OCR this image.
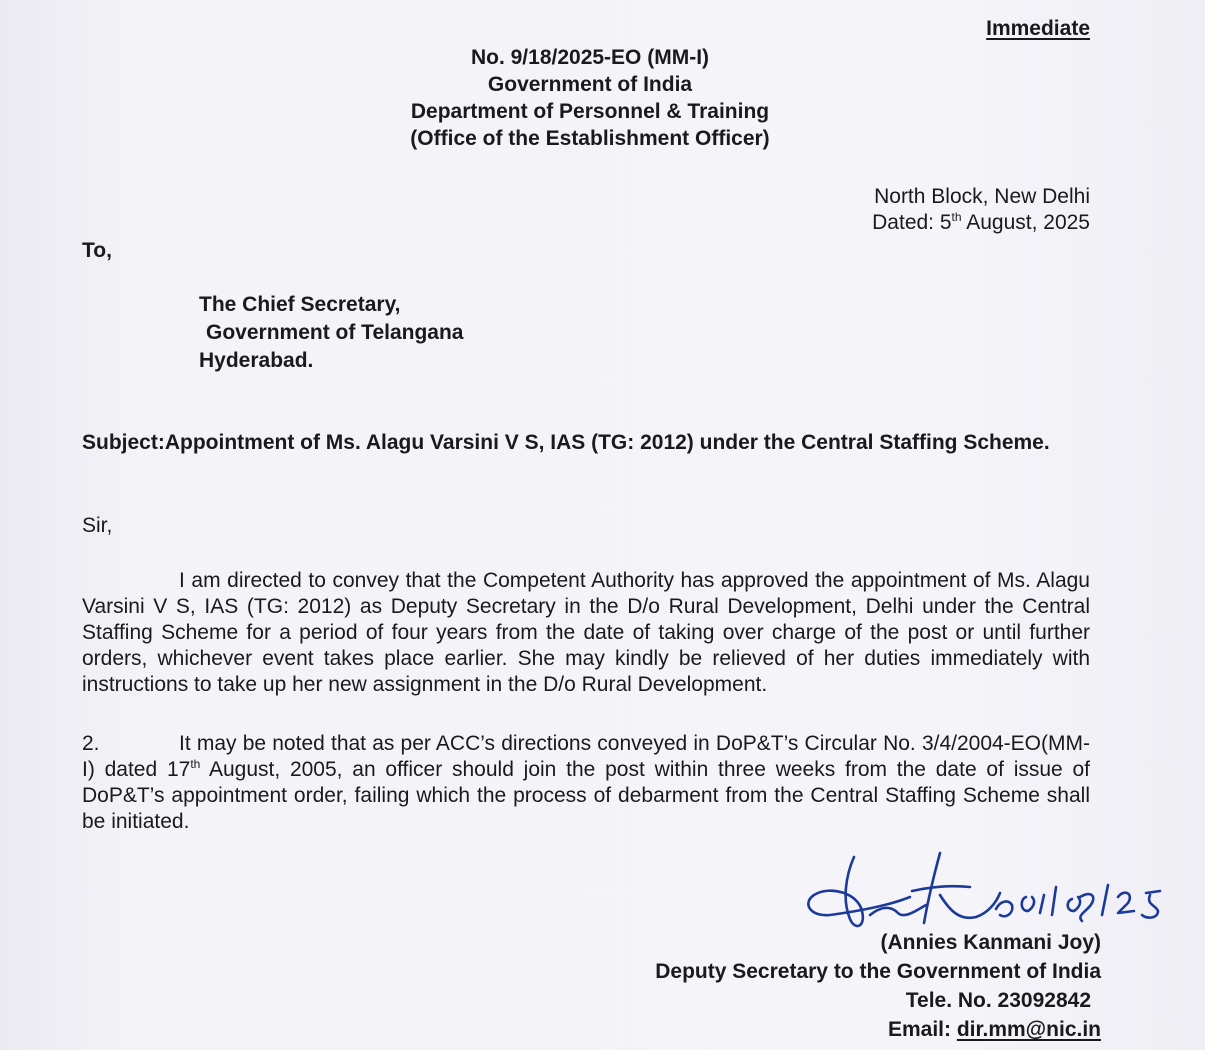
Immediate
No. 9/18/2025-EO (MM-I)
Government of India
Department of Personnel & Training
(Office of the Establishment Officer)
North Block, New Delhi
Dated: 5th August, 2025
To,
The Chief Secretary,
Government of Telangana
Hyderabad.
Subject:Appointment of Ms. Alagu Varsini V S, IAS (TG: 2012) under the Central Staffing Scheme.
Sir,
I am directed to convey that the Competent Authority has approved the appointment of Ms. Alagu Varsini V S, IAS (TG: 2012) as Deputy Secretary in the D/o Rural Development, Delhi under the Central Staffing Scheme for a period of four years from the date of taking over charge of the post or until further orders, whichever event takes place earlier. She may kindly be relieved of her duties immediately with instructions to take up her new assignment in the D/o Rural Development.
2.	It may be noted that as per ACC’s directions conveyed in DoP&T’s Circular No. 3/4/2004-EO(MM-I) dated 17th August, 2005, an officer should join the post within three weeks from the date of issue of DoP&T’s appointment order, failing which the process of debarment from the Central Staffing Scheme shall be initiated.
(Annies Kanmani Joy)
Deputy Secretary to the Government of India
Tele. No. 23092842
Email: dir.mm@nic.in
